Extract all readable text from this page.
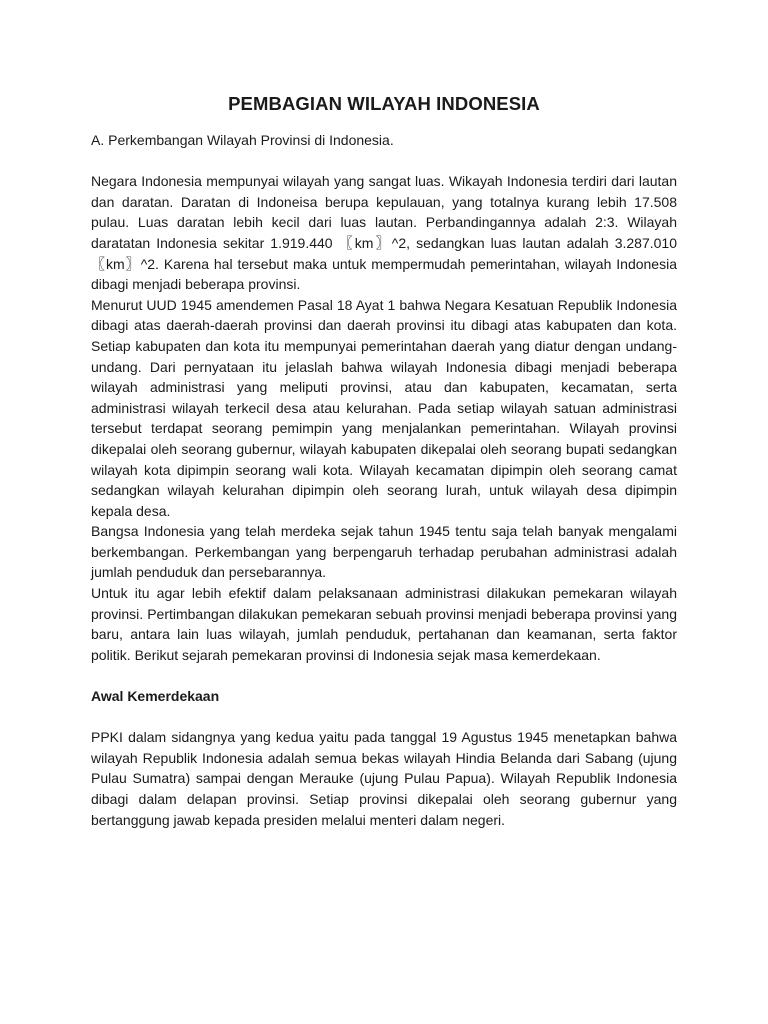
PEMBAGIAN WILAYAH INDONESIA

A. Perkembangan Wilayah Provinsi di Indonesia.

Negara Indonesia mempunyai wilayah yang sangat luas. Wikayah Indonesia terdiri dari lautan dan daratan. Daratan di Indoneisa berupa kepulauan, yang totalnya kurang lebih 17.508 pulau. Luas daratan lebih kecil dari luas lautan. Perbandingannya adalah 2:3. Wilayah daratatan Indonesia sekitar 1.919.440 〖km〗^2, sedangkan luas lautan adalah 3.287.010 〖km〗^2. Karena hal tersebut maka untuk mempermudah pemerintahan, wilayah Indonesia dibagi menjadi beberapa provinsi.

Menurut UUD 1945 amendemen Pasal 18 Ayat 1 bahwa Negara Kesatuan Republik Indonesia dibagi atas daerah-daerah provinsi dan daerah provinsi itu dibagi atas kabupaten dan kota. Setiap kabupaten dan kota itu mempunyai pemerintahan daerah yang diatur dengan undang-undang. Dari pernyataan itu jelaslah bahwa wilayah Indonesia dibagi menjadi beberapa wilayah administrasi yang meliputi provinsi, atau dan kabupaten, kecamatan, serta administrasi wilayah terkecil desa atau kelurahan. Pada setiap wilayah satuan administrasi tersebut terdapat seorang pemimpin yang menjalankan pemerintahan. Wilayah provinsi dikepalai oleh seorang gubernur, wilayah kabupaten dikepalai oleh seorang bupati sedangkan wilayah kota dipimpin seorang wali kota. Wilayah kecamatan dipimpin oleh seorang camat sedangkan wilayah kelurahan dipimpin oleh seorang lurah, untuk wilayah desa dipimpin kepala desa.

Bangsa Indonesia yang telah merdeka sejak tahun 1945 tentu saja telah banyak mengalami berkembangan. Perkembangan yang berpengaruh terhadap perubahan administrasi adalah jumlah penduduk dan persebarannya.

Untuk itu agar lebih efektif dalam pelaksanaan administrasi dilakukan pemekaran wilayah provinsi. Pertimbangan dilakukan pemekaran sebuah provinsi menjadi beberapa provinsi yang baru, antara lain luas wilayah, jumlah penduduk, pertahanan dan keamanan, serta faktor politik. Berikut sejarah pemekaran provinsi di Indonesia sejak masa kemerdekaan.

Awal Kemerdekaan

PPKI dalam sidangnya yang kedua yaitu pada tanggal 19 Agustus 1945 menetapkan bahwa wilayah Republik Indonesia adalah semua bekas wilayah Hindia Belanda dari Sabang (ujung Pulau Sumatra) sampai dengan Merauke (ujung Pulau Papua). Wilayah Republik Indonesia dibagi dalam delapan provinsi. Setiap provinsi dikepalai oleh seorang gubernur yang bertanggung jawab kepada presiden melalui menteri dalam negeri.
